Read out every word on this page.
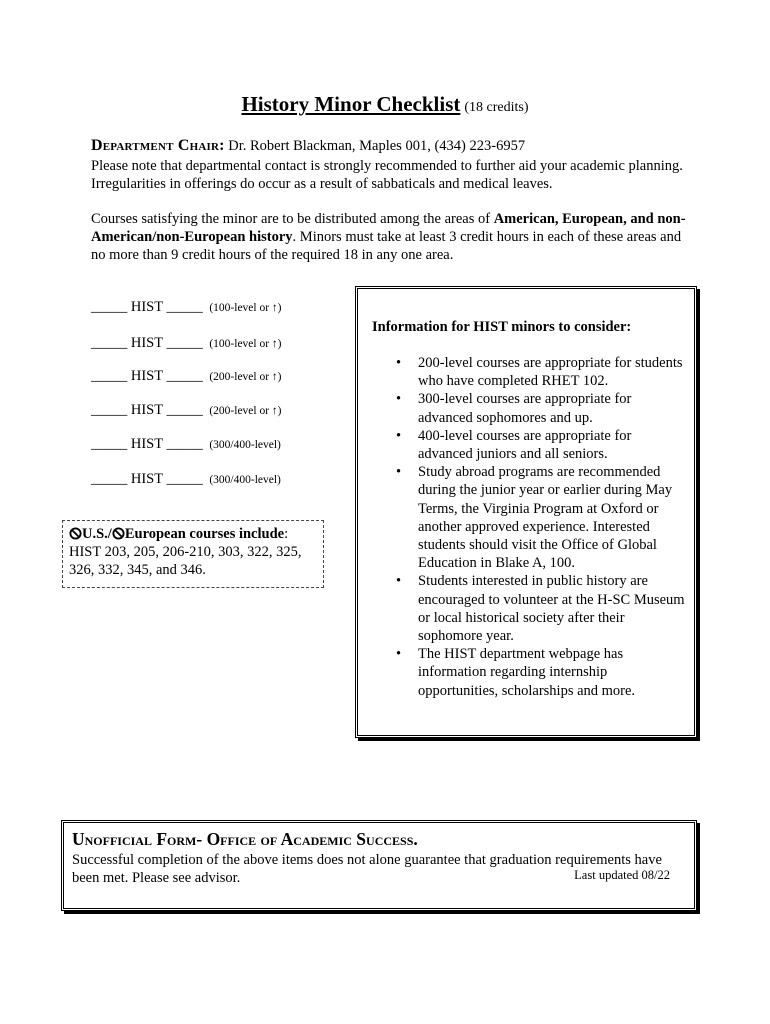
History Minor Checklist (18 credits)
Department Chair: Dr. Robert Blackman, Maples 001, (434) 223-6957
Please note that departmental contact is strongly recommended to further aid your academic planning. Irregularities in offerings do occur as a result of sabbaticals and medical leaves.
Courses satisfying the minor are to be distributed among the areas of American, European, and non-American/non-European history. Minors must take at least 3 credit hours in each of these areas and no more than 9 credit hours of the required 18 in any one area.
_____ HIST _____ (100-level or ↑)
_____ HIST _____ (100-level or ↑)
_____ HIST _____ (200-level or ↑)
_____ HIST _____ (200-level or ↑)
_____ HIST _____ (300/400-level)
_____ HIST _____ (300/400-level)
U.S./ European courses include:
HIST 203, 205, 206-210, 303, 322, 325, 326, 332, 345, and 346.
Information for HIST minors to consider:
• 200-level courses are appropriate for students who have completed RHET 102.
• 300-level courses are appropriate for advanced sophomores and up.
• 400-level courses are appropriate for advanced juniors and all seniors.
• Study abroad programs are recommended during the junior year or earlier during May Terms, the Virginia Program at Oxford or another approved experience. Interested students should visit the Office of Global Education in Blake A, 100.
• Students interested in public history are encouraged to volunteer at the H-SC Museum or local historical society after their sophomore year.
• The HIST department webpage has information regarding internship opportunities, scholarships and more.
Unofficial Form- Office of Academic Success.
Successful completion of the above items does not alone guarantee that graduation requirements have been met. Please see advisor.	Last updated 08/22
